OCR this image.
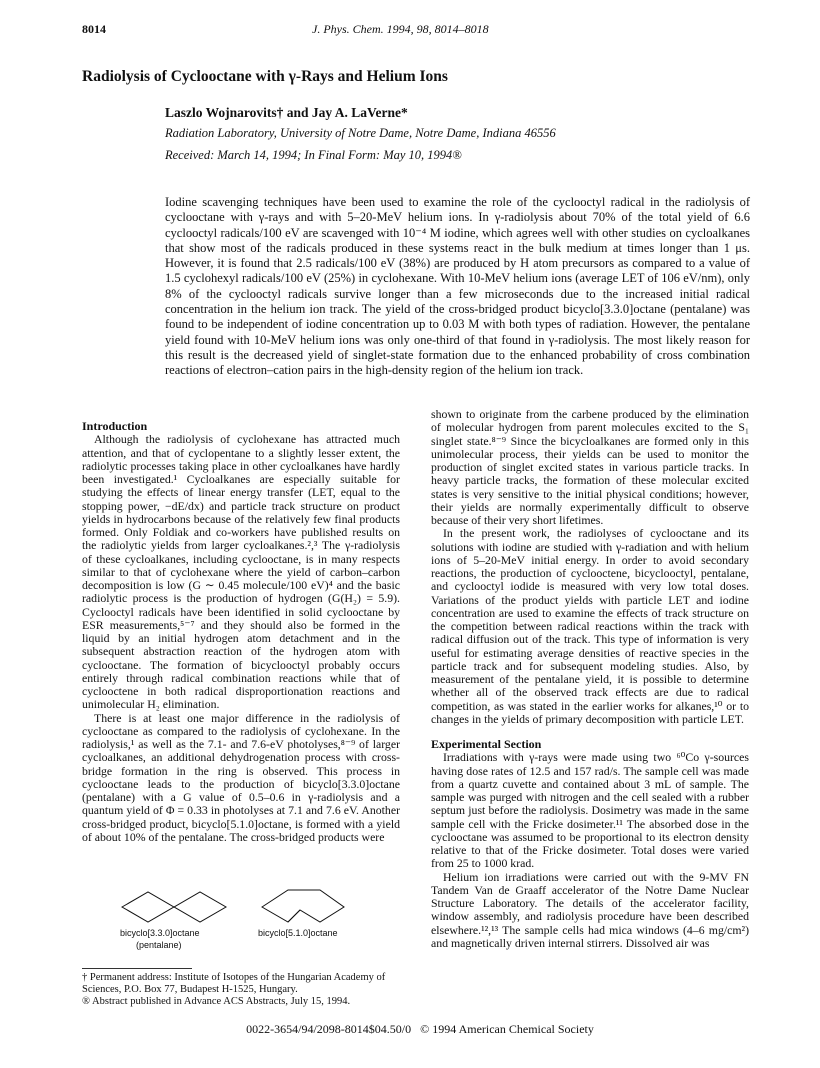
8014	J. Phys. Chem. 1994, 98, 8014–8018
Radiolysis of Cyclooctane with γ-Rays and Helium Ions
Laszlo Wojnarovits† and Jay A. LaVerne*
Radiation Laboratory, University of Notre Dame, Notre Dame, Indiana 46556
Received: March 14, 1994; In Final Form: May 10, 1994®
Iodine scavenging techniques have been used to examine the role of the cyclooctyl radical in the radiolysis of cyclooctane with γ-rays and with 5–20-MeV helium ions. In γ-radiolysis about 70% of the total yield of 6.6 cyclooctyl radicals/100 eV are scavenged with 10⁻⁴ M iodine, which agrees well with other studies on cycloalkanes that show most of the radicals produced in these systems react in the bulk medium at times longer than 1 μs. However, it is found that 2.5 radicals/100 eV (38%) are produced by H atom precursors as compared to a value of 1.5 cyclohexyl radicals/100 eV (25%) in cyclohexane. With 10-MeV helium ions (average LET of 106 eV/nm), only 8% of the cyclooctyl radicals survive longer than a few microseconds due to the increased initial radical concentration in the helium ion track. The yield of the cross-bridged product bicyclo[3.3.0]octane (pentalane) was found to be independent of iodine concentration up to 0.03 M with both types of radiation. However, the pentalane yield found with 10-MeV helium ions was only one-third of that found in γ-radiolysis. The most likely reason for this result is the decreased yield of singlet-state formation due to the enhanced probability of cross combination reactions of electron–cation pairs in the high-density region of the helium ion track.

Introduction

Although the radiolysis of cyclohexane has attracted much attention, and that of cyclopentane to a slightly lesser extent, the radiolytic processes taking place in other cycloalkanes have hardly been investigated.¹ Cycloalkanes are especially suitable for studying the effects of linear energy transfer (LET, equal to the stopping power, −dE/dx) and particle track structure on product yields in hydrocarbons because of the relatively few final products formed. Only Foldiak and co-workers have published results on the radiolytic yields from larger cycloalkanes.²,³ The γ-radiolysis of these cycloalkanes, including cyclooctane, is in many respects similar to that of cyclohexane where the yield of carbon–carbon decomposition is low (G ∼ 0.45 molecule/100 eV)⁴ and the basic radiolytic process is the production of hydrogen (G(H₂) = 5.9). Cyclooctyl radicals have been identified in solid cyclooctane by ESR measurements,⁵⁻⁷ and they should also be formed in the liquid by an initial hydrogen atom detachment and in the subsequent abstraction reaction of the hydrogen atom with cyclooctane. The formation of bicyclooctyl probably occurs entirely through radical combination reactions while that of cyclooctene in both radical disproportionation reactions and unimolecular H₂ elimination.

There is at least one major difference in the radiolysis of cyclooctane as compared to the radiolysis of cyclohexane. In the radiolysis,¹ as well as the 7.1- and 7.6-eV photolyses,⁸⁻⁹ of larger cycloalkanes, an additional dehydrogenation process with cross-bridge formation in the ring is observed. This process in cyclooctane leads to the production of bicyclo[3.3.0]octane (pentalane) with a G value of 0.5–0.6 in γ-radiolysis and a quantum yield of Φ = 0.33 in photolyses at 7.1 and 7.6 eV. Another cross-bridged product, bicyclo[5.1.0]octane, is formed with a yield of about 10% of the pentalane. The cross-bridged products were

bicyclo[3.3.0]octane
(pentalane)
bicyclo[5.1.0]octane

† Permanent address: Institute of Isotopes of the Hungarian Academy of Sciences, P.O. Box 77, Budapest H-1525, Hungary.

® Abstract published in Advance ACS Abstracts, July 15, 1994.

shown to originate from the carbene produced by the elimination of molecular hydrogen from parent molecules excited to the S₁ singlet state.⁸⁻⁹ Since the bicycloalkanes are formed only in this unimolecular process, their yields can be used to monitor the production of singlet excited states in various particle tracks. In heavy particle tracks, the formation of these molecular excited states is very sensitive to the initial physical conditions; however, their yields are normally experimentally difficult to observe because of their very short lifetimes.

In the present work, the radiolyses of cyclooctane and its solutions with iodine are studied with γ-radiation and with helium ions of 5–20-MeV initial energy. In order to avoid secondary reactions, the production of cyclooctene, bicyclooctyl, pentalane, and cyclooctyl iodide is measured with very low total doses. Variations of the product yields with particle LET and iodine concentration are used to examine the effects of track structure on the competition between radical reactions within the track with radical diffusion out of the track. This type of information is very useful for estimating average densities of reactive species in the particle track and for subsequent modeling studies. Also, by measurement of the pentalane yield, it is possible to determine whether all of the observed track effects are due to radical competition, as was stated in the earlier works for alkanes,¹⁰ or to changes in the yields of primary decomposition with particle LET.

Experimental Section

Irradiations with γ-rays were made using two ⁶⁰Co γ-sources having dose rates of 12.5 and 157 rad/s. The sample cell was made from a quartz cuvette and contained about 3 mL of sample. The sample was purged with nitrogen and the cell sealed with a rubber septum just before the radiolysis. Dosimetry was made in the same sample cell with the Fricke dosimeter.¹¹ The absorbed dose in the cyclooctane was assumed to be proportional to its electron density relative to that of the Fricke dosimeter. Total doses were varied from 25 to 1000 krad.

Helium ion irradiations were carried out with the 9-MV FN Tandem Van de Graaff accelerator of the Notre Dame Nuclear Structure Laboratory. The details of the accelerator facility, window assembly, and radiolysis procedure have been described elsewhere.¹²,¹³ The sample cells had mica windows (4–6 mg/cm²) and magnetically driven internal stirrers. Dissolved air was

0022-3654/94/2098-8014$04.50/0   © 1994 American Chemical Society
